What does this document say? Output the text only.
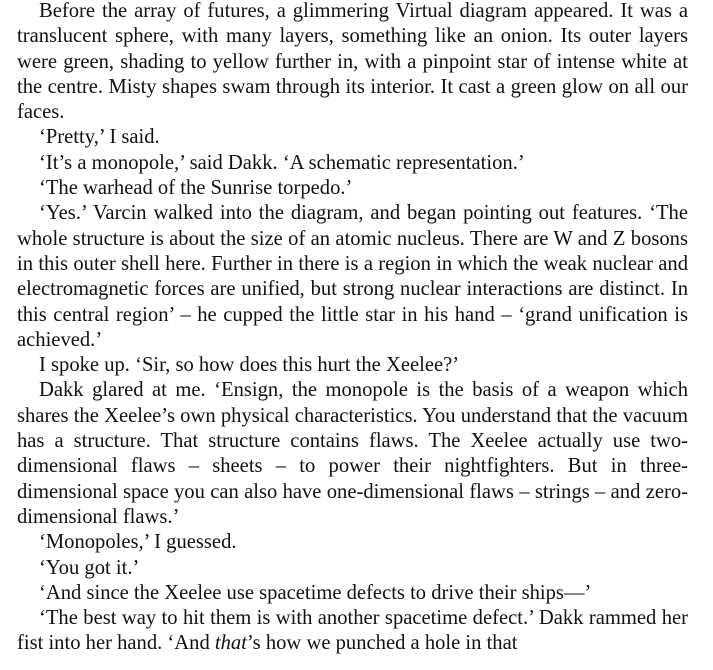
Before the array of futures, a glimmering Virtual diagram appeared. It was a translucent sphere, with many layers, something like an onion. Its outer layers were green, shading to yellow further in, with a pinpoint star of intense white at the centre. Misty shapes swam through its interior. It cast a green glow on all our faces.

‘Pretty,’ I said.

‘It’s a monopole,’ said Dakk. ‘A schematic representation.’

‘The warhead of the Sunrise torpedo.’

‘Yes.’ Varcin walked into the diagram, and began pointing out features. ‘The whole structure is about the size of an atomic nucleus. There are W and Z bosons in this outer shell here. Further in there is a region in which the weak nuclear and electromagnetic forces are unified, but strong nuclear interactions are distinct. In this central region’ – he cupped the little star in his hand – ‘grand unification is achieved.’

I spoke up. ‘Sir, so how does this hurt the Xeelee?’

Dakk glared at me. ‘Ensign, the monopole is the basis of a weapon which shares the Xeelee’s own physical characteristics. You understand that the vacuum has a structure. That structure contains flaws. The Xeelee actually use two-dimensional flaws – sheets – to power their nightfighters. But in three-dimensional space you can also have one-dimensional flaws – strings – and zero-dimensional flaws.’

‘Monopoles,’ I guessed.

‘You got it.’

‘And since the Xeelee use spacetime defects to drive their ships—’

‘The best way to hit them is with another spacetime defect.’ Dakk rammed her fist into her hand. ‘And that’s how we punched a hole in that
